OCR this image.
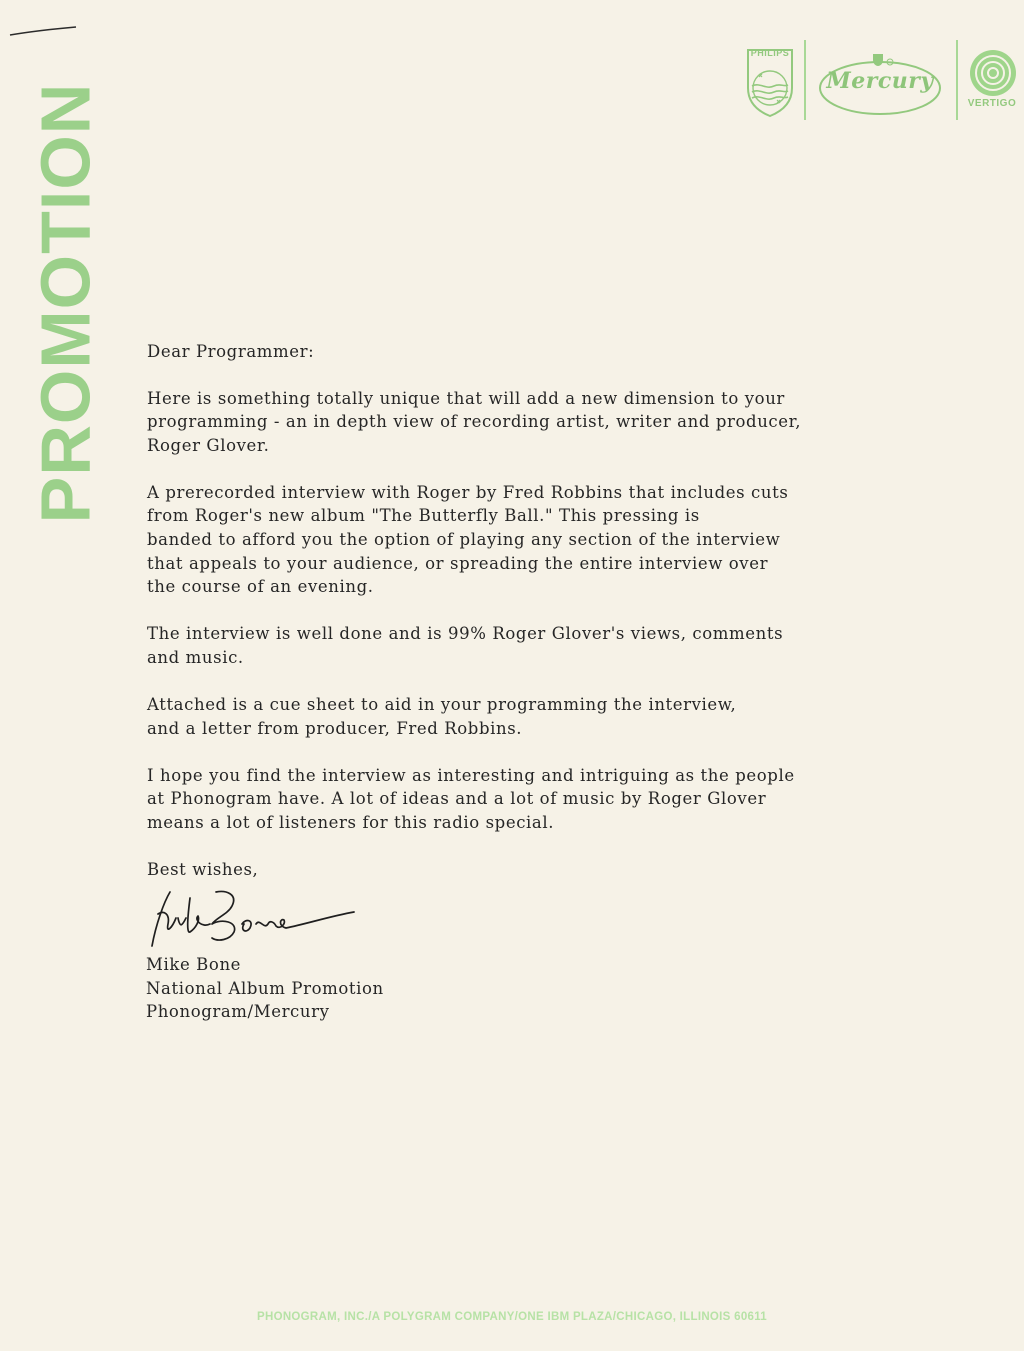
PROMOTION
PHILIPS
Mercury
VERTIGO

Dear Programmer:

Here is something totally unique that will add a new dimension to your
programming - an in depth view of recording artist, writer and producer,
Roger Glover.

A prerecorded interview with Roger by Fred Robbins that includes cuts
from Roger's new album "The Butterfly Ball." This pressing is
banded to afford you the option of playing any section of the interview
that appeals to your audience, or spreading the entire interview over
the course of an evening.

The interview is well done and is 99% Roger Glover's views, comments
and music.

Attached is a cue sheet to aid in your programming the interview,
and a letter from producer, Fred Robbins.

I hope you find the interview as interesting and intriguing as the people
at Phonogram have. A lot of ideas and a lot of music by Roger Glover
means a lot of listeners for this radio special.

Best wishes,

Mike Bone
National Album Promotion
Phonogram/Mercury
PHONOGRAM, INC./A POLYGRAM COMPANY/ONE IBM PLAZA/CHICAGO, ILLINOIS 60611
